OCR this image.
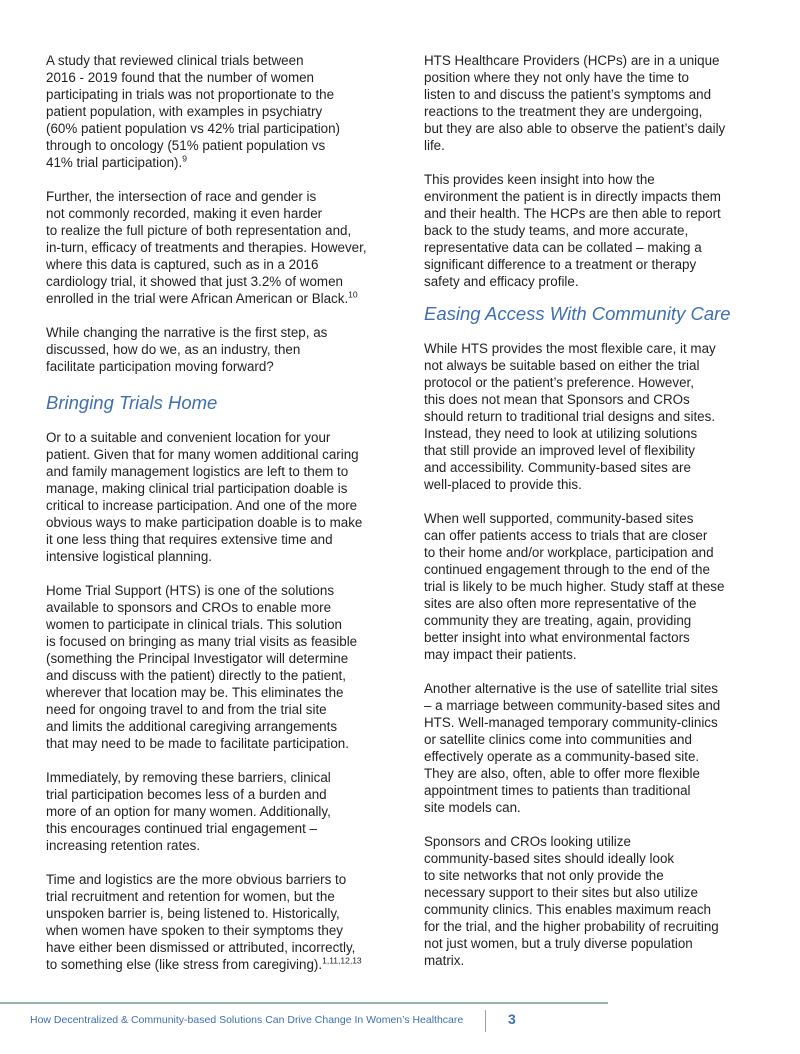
A study that reviewed clinical trials between
2016 - 2019 found that the number of women
participating in trials was not proportionate to the
patient population, with examples in psychiatry
(60% patient population vs 42% trial participation)
through to oncology (51% patient population vs
41% trial participation).$^9$

Further, the intersection of race and gender is
not commonly recorded, making it even harder
to realize the full picture of both representation and,
in-turn, efficacy of treatments and therapies. However,
where this data is captured, such as in a 2016
cardiology trial, it showed that just 3.2% of women
enrolled in the trial were African American or Black.$^{10}$

While changing the narrative is the first step, as
discussed, how do we, as an industry, then
facilitate participation moving forward?

Bringing Trials Home

Or to a suitable and convenient location for your
patient. Given that for many women additional caring
and family management logistics are left to them to
manage, making clinical trial participation doable is
critical to increase participation. And one of the more
obvious ways to make participation doable is to make
it one less thing that requires extensive time and
intensive logistical planning.

Home Trial Support (HTS) is one of the solutions
available to sponsors and CROs to enable more
women to participate in clinical trials. This solution
is focused on bringing as many trial visits as feasible
(something the Principal Investigator will determine
and discuss with the patient) directly to the patient,
wherever that location may be. This eliminates the
need for ongoing travel to and from the trial site
and limits the additional caregiving arrangements
that may need to be made to facilitate participation.

Immediately, by removing these barriers, clinical
trial participation becomes less of a burden and
more of an option for many women. Additionally,
this encourages continued trial engagement –
increasing retention rates.

Time and logistics are the more obvious barriers to
trial recruitment and retention for women, but the
unspoken barrier is, being listened to. Historically,
when women have spoken to their symptoms they
have either been dismissed or attributed, incorrectly,
to something else (like stress from caregiving).$^{1,11,12,13}$

HTS Healthcare Providers (HCPs) are in a unique
position where they not only have the time to
listen to and discuss the patient’s symptoms and
reactions to the treatment they are undergoing,
but they are also able to observe the patient’s daily
life.

This provides keen insight into how the
environment the patient is in directly impacts them
and their health. The HCPs are then able to report
back to the study teams, and more accurate,
representative data can be collated – making a
significant difference to a treatment or therapy
safety and efficacy profile.

Easing Access With Community Care

While HTS provides the most flexible care, it may
not always be suitable based on either the trial
protocol or the patient’s preference. However,
this does not mean that Sponsors and CROs
should return to traditional trial designs and sites.
Instead, they need to look at utilizing solutions
that still provide an improved level of flexibility
and accessibility. Community-based sites are
well-placed to provide this.

When well supported, community-based sites
can offer patients access to trials that are closer
to their home and/or workplace, participation and
continued engagement through to the end of the
trial is likely to be much higher. Study staff at these
sites are also often more representative of the
community they are treating, again, providing
better insight into what environmental factors
may impact their patients.

Another alternative is the use of satellite trial sites
– a marriage between community-based sites and
HTS. Well-managed temporary community-clinics
or satellite clinics come into communities and
effectively operate as a community-based site.
They are also, often, able to offer more flexible
appointment times to patients than traditional
site models can.

Sponsors and CROs looking utilize
community-based sites should ideally look
to site networks that not only provide the
necessary support to their sites but also utilize
community clinics. This enables maximum reach
for the trial, and the higher probability of recruiting
not just women, but a truly diverse population
matrix.

How Decentralized & Community-based Solutions Can Drive Change In Women’s Healthcare	3
